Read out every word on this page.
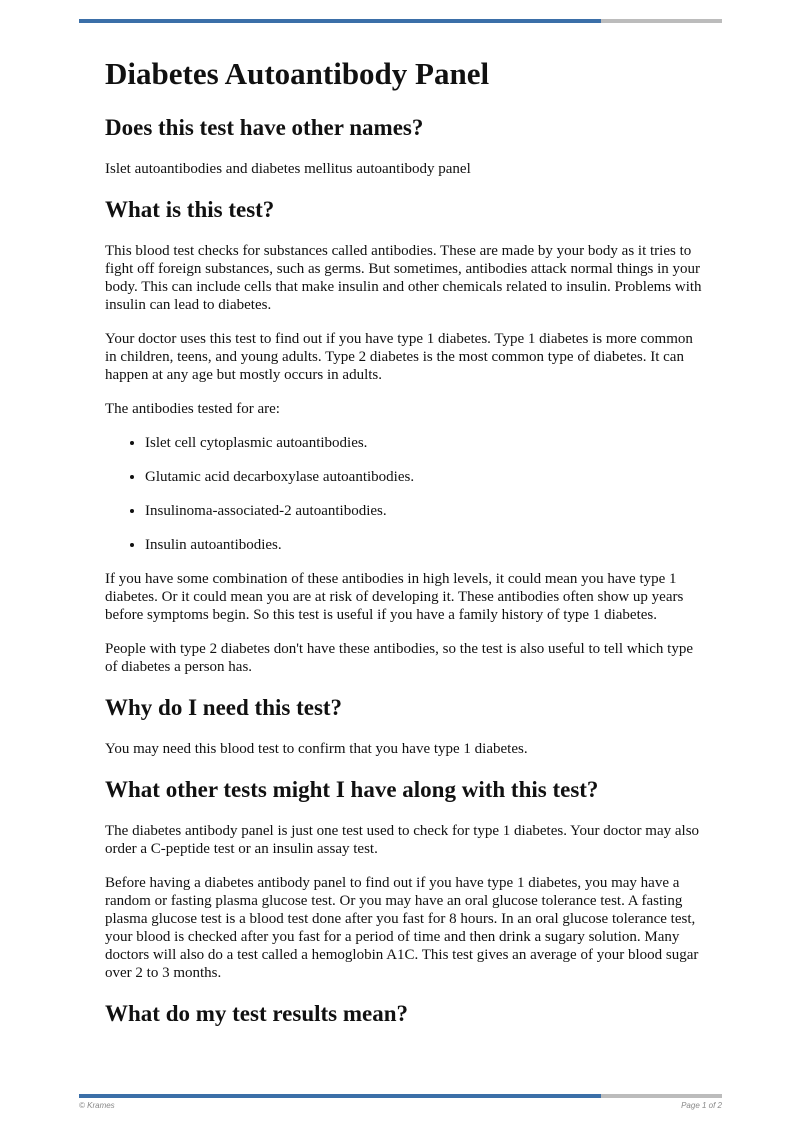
Diabetes Autoantibody Panel
Does this test have other names?

Islet autoantibodies and diabetes mellitus autoantibody panel

What is this test?

This blood test checks for substances called antibodies. These are made by your body as it tries to fight off foreign substances, such as germs. But sometimes, antibodies attack normal things in your body. This can include cells that make insulin and other chemicals related to insulin. Problems with insulin can lead to diabetes.

Your doctor uses this test to find out if you have type 1 diabetes. Type 1 diabetes is more common in children, teens, and young adults. Type 2 diabetes is the most common type of diabetes. It can happen at any age but mostly occurs in adults.

The antibodies tested for are:

• Islet cell cytoplasmic autoantibodies.
• Glutamic acid decarboxylase autoantibodies.
• Insulinoma-associated-2 autoantibodies.
• Insulin autoantibodies.

If you have some combination of these antibodies in high levels, it could mean you have type 1 diabetes. Or it could mean you are at risk of developing it. These antibodies often show up years before symptoms begin. So this test is useful if you have a family history of type 1 diabetes.

People with type 2 diabetes don't have these antibodies, so the test is also useful to tell which type of diabetes a person has.

Why do I need this test?

You may need this blood test to confirm that you have type 1 diabetes.

What other tests might I have along with this test?

The diabetes antibody panel is just one test used to check for type 1 diabetes. Your doctor may also order a C-peptide test or an insulin assay test.

Before having a diabetes antibody panel to find out if you have type 1 diabetes, you may have a random or fasting plasma glucose test. Or you may have an oral glucose tolerance test. A fasting plasma glucose test is a blood test done after you fast for 8 hours. In an oral glucose tolerance test, your blood is checked after you fast for a period of time and then drink a sugary solution. Many doctors will also do a test called a hemoglobin A1C. This test gives an average of your blood sugar over 2 to 3 months.

What do my test results mean?
© Krames	Page 1 of 2
